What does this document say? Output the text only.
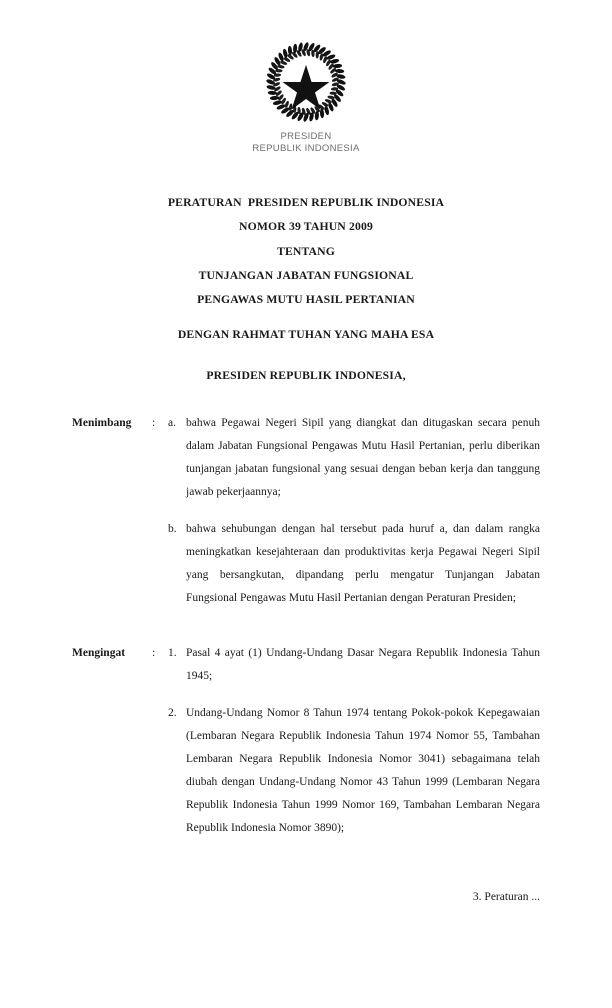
PRESIDEN
REPUBLIK INDONESIA
PERATURAN  PRESIDEN REPUBLIK INDONESIA
NOMOR 39 TAHUN 2009
TENTANG
TUNJANGAN JABATAN FUNGSIONAL
PENGAWAS MUTU HASIL PERTANIAN
DENGAN RAHMAT TUHAN YANG MAHA ESA
PRESIDEN REPUBLIK INDONESIA,
Menimbang	:	a. bahwa Pegawai Negeri Sipil yang diangkat dan ditugaskan secara penuh dalam Jabatan Fungsional Pengawas Mutu Hasil Pertanian, perlu diberikan tunjangan jabatan fungsional yang sesuai dengan beban kerja dan tanggung jawab pekerjaannya;
b. bahwa sehubungan dengan hal tersebut pada huruf a, dan dalam rangka meningkatkan kesejahteraan dan produktivitas kerja Pegawai Negeri Sipil yang bersangkutan, dipandang perlu mengatur Tunjangan Jabatan Fungsional Pengawas Mutu Hasil Pertanian dengan Peraturan Presiden;
Mengingat	:	1. Pasal 4 ayat (1) Undang-Undang Dasar Negara Republik Indonesia Tahun 1945;
2. Undang-Undang Nomor 8 Tahun 1974 tentang Pokok-pokok Kepegawaian (Lembaran Negara Republik Indonesia Tahun 1974 Nomor 55, Tambahan Lembaran Negara Republik Indonesia Nomor 3041) sebagaimana telah diubah dengan Undang-Undang Nomor 43 Tahun 1999 (Lembaran Negara Republik Indonesia Tahun 1999 Nomor 169, Tambahan Lembaran Negara Republik Indonesia Nomor 3890);
3. Peraturan ...
